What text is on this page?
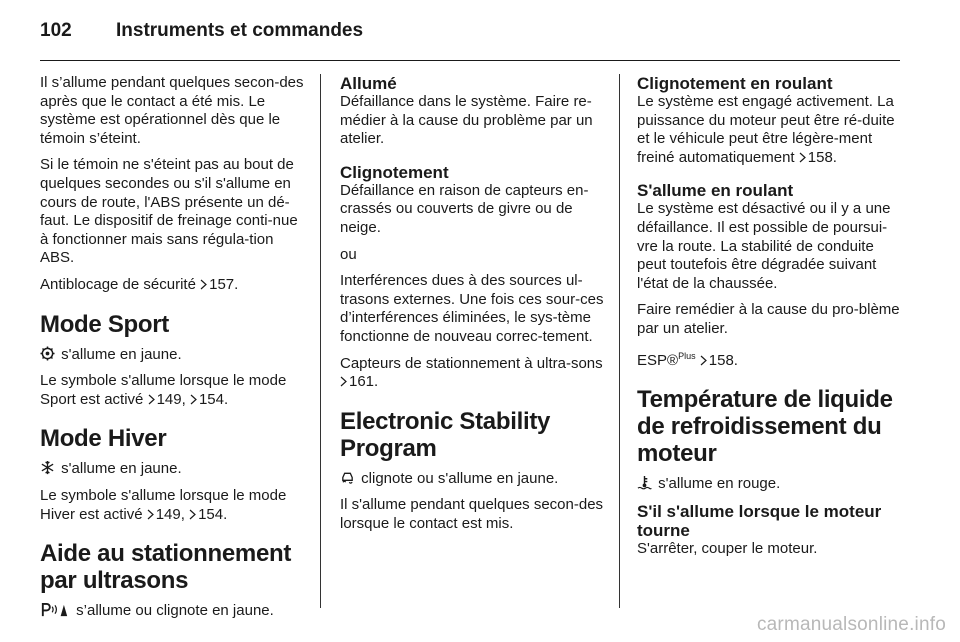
102	Instruments et commandes

Il s’allume pendant quelques secon-des après que le contact a été mis. Le système est opérationnel dès que le témoin s’éteint.

Si le témoin ne s'éteint pas au bout de quelques secondes ou s'il s'allume en cours de route, l'ABS présente un dé-faut. Le dispositif de freinage conti-nue à fonctionner mais sans régula-tion ABS.

Antiblocage de sécurité 157.

Mode Sport

s'allume en jaune.

Le symbole s'allume lorsque le mode Sport est activé 149, 154.

Mode Hiver

s'allume en jaune.

Le symbole s'allume lorsque le mode Hiver est activé 149, 154.

Aide au stationnement par ultrasons

s’allume ou clignote en jaune.

Allumé

Défaillance dans le système. Faire re-médier à la cause du problème par un atelier.

Clignotement

Défaillance en raison de capteurs en-crassés ou couverts de givre ou de neige.

ou

Interférences dues à des sources ul-trasons externes. Une fois ces sour-ces d’interférences éliminées, le sys-tème fonctionne de nouveau correc-tement.

Capteurs de stationnement à ultra-sons 161.

Electronic Stability Program

clignote ou s'allume en jaune.

Il s'allume pendant quelques secon-des lorsque le contact est mis.

Clignotement en roulant

Le système est engagé activement. La puissance du moteur peut être ré-duite et le véhicule peut être légère-ment freiné automatiquement 158.

S'allume en roulant

Le système est désactivé ou il y a une défaillance. Il est possible de poursui-vre la route. La stabilité de conduite peut toutefois être dégradée suivant l'état de la chaussée.

Faire remédier à la cause du pro-blème par un atelier.

ESP®$^{Plus}$ 158.

Température de liquide de refroidissement du moteur

s'allume en rouge.

S'il s'allume lorsque le moteur tourne

S'arrêter, couper le moteur.

carmanualsonline.info
